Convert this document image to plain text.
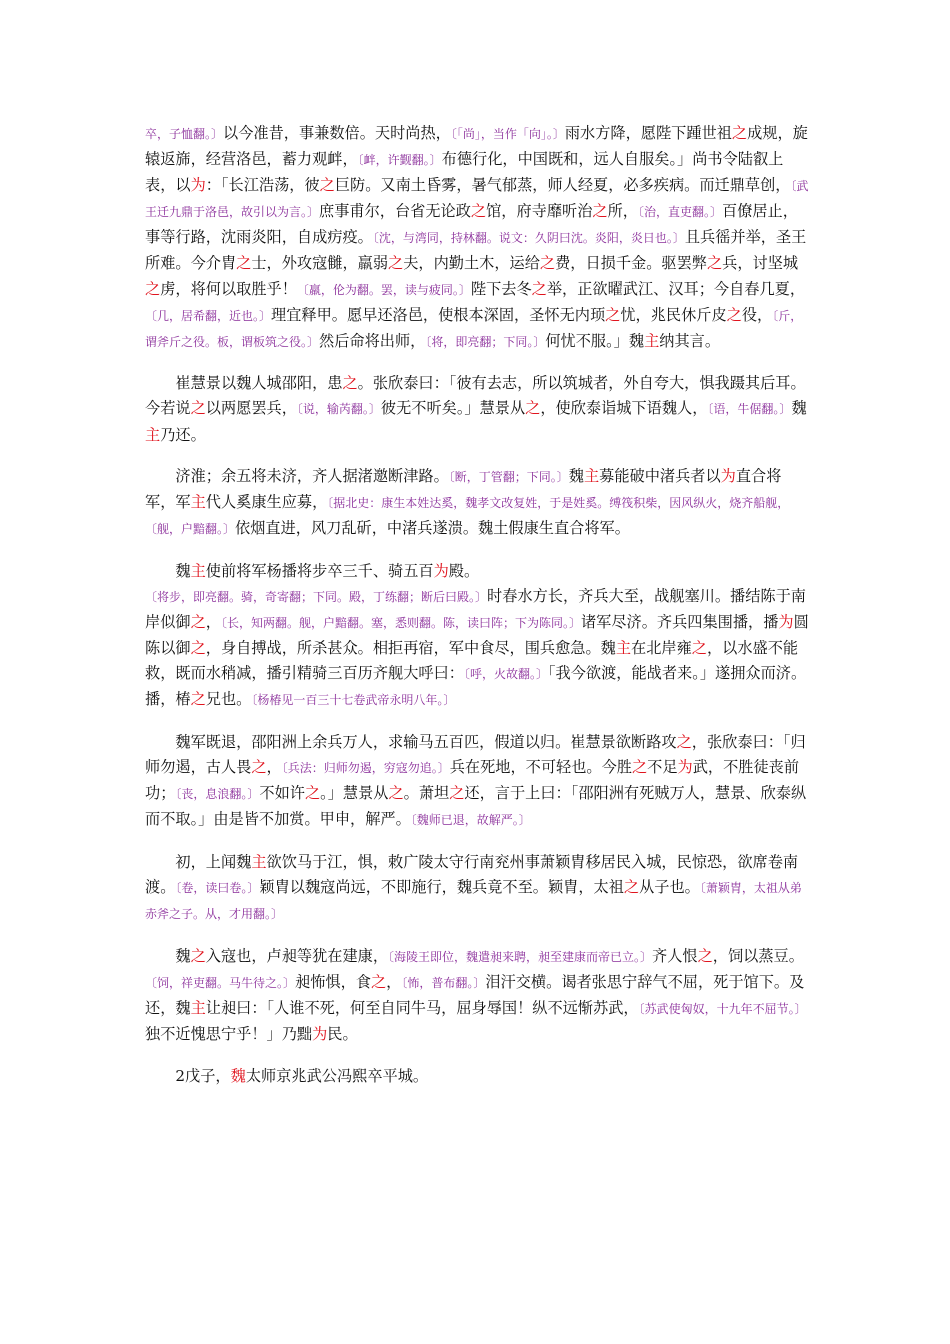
卒，子恤翻。〕以今准昔，事兼数倍。天时尚热，〔「尚」，当作「向」。〕雨水方降，愿陛下踵世祖之成规，旋辕返旆，经营洛邑，蓄力观衅，〔衅，许觐翻。〕布德行化，中国既和，远人自服矣。」尚书令陆叡上表，以为：「长江浩荡，彼之巨防。又南土昏雾，暑气郁蒸，师人经夏，必多疾病。而迁鼎草创，〔武王迁九鼎于洛邑，故引以为言。〕庶事甫尔，台省无论政之馆，府寺靡听治之所，〔治，直吏翻。〕百僚居止，事等行路，沈雨炎阳，自成疠疫。〔沈，与湾同，持林翻。说文：久阴曰沈。炎阳，炎日也。〕且兵徭并举，圣王所难。今介胄之士，外攻寇雠，羸弱之夫，内勤土木，运给之费，日损千金。驱罢弊之兵，讨坚城之虏，将何以取胜乎！〔羸，伦为翻。罢，读与疲同。〕陛下去冬之举，正欲曜武江、汉耳；今自春几夏，〔几，居希翻，近也。〕理宜释甲。愿早还洛邑，使根本深固，圣怀无内顼之忧，兆民休斤皮之役，〔斤，谓斧斤之役。板，谓板筑之役。〕然后命将出师，〔将，即亮翻；下同。〕何忧不服。」魏主纳其言。

崔慧景以魏人城邵阳，患之。张欣泰曰：「彼有去志，所以筑城者，外自夸大，惧我蹑其后耳。今若说之以两愿罢兵，〔说，输芮翻。〕彼无不听矣。」慧景从之，使欣泰诣城下语魏人，〔语，牛倨翻。〕魏主乃还。

济淮；余五将未济，齐人据渚邀断津路。〔断，丁管翻；下同。〕魏主募能破中渚兵者以为直合将军，军主代人奚康生应募，〔据北史：康生本姓达奚，魏孝文改复姓，于是姓奚。缚筏积柴，因风纵火，烧齐船舰，〔舰，户黯翻。〕依烟直进，风刀乱斫，中渚兵遂溃。魏土假康生直合将军。

魏主使前将军杨播将步卒三千、骑五百为殿。〔将步，即亮翻。骑，奇寄翻；下同。殿，丁练翻；断后曰殿。〕时春水方长，齐兵大至，战舰塞川。播结陈于南岸似御之，〔长，知两翻。舰，户黯翻。塞，悉则翻。陈，读曰阵；下为陈同。〕诸军尽济。齐兵四集围播，播为圆陈以御之，身自搏战，所杀甚众。相拒再宿，军中食尽，围兵愈急。魏主在北岸雍之，以水盛不能救，既而水稍减，播引精骑三百历齐舰大呼曰：〔呼，火故翻。〕「我今欲渡，能战者来。」遂拥众而济。播，椿之兄也。〔杨椿见一百三十七卷武帝永明八年。〕

魏军既退，邵阳洲上余兵万人，求输马五百匹，假道以归。崔慧景欲断路攻之，张欣泰曰：「归师勿遏，古人畏之，〔兵法：归师勿遏，穷寇勿追。〕兵在死地，不可轻也。今胜之不足为武，不胜徒丧前功；〔丧，息浪翻。〕不如许之。」慧景从之。萧坦之还，言于上曰：「邵阳洲有死贼万人，慧景、欣泰纵而不取。」由是皆不加赏。甲申，解严。〔魏师已退，故解严。〕

初，上闻魏主欲饮马于江，惧，敕广陵太守行南兖州事萧颖胄移居民入城，民惊恐，欲席卷南渡。〔卷，读曰卷。〕颖胄以魏寇尚远，不即施行，魏兵竟不至。颖胄，太祖之从子也。〔萧颖胄，太祖从弟赤斧之子。从，才用翻。〕

魏之入寇也，卢昶等犹在建康，〔海陵王即位，魏遣昶来聘，昶至建康而帝已立。〕齐人恨之，饲以蒸豆。〔饲，祥吏翻。马牛待之。〕昶怖惧，食之，〔怖，普布翻。〕泪汗交横。谒者张思宁辞气不屈，死于馆下。及还，魏主让昶曰：「人谁不死，何至自同牛马，屈身辱国！纵不远惭苏武，〔苏武使匈奴，十九年不屈节。〕独不近愧思宁乎！」乃黜为民。

2戊子，魏太师京兆武公冯熙卒平城。
